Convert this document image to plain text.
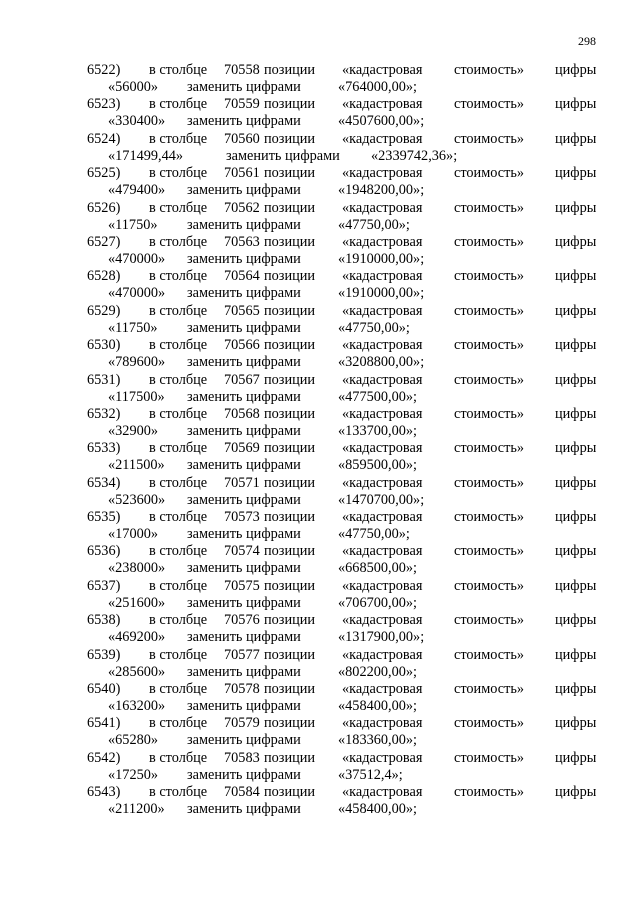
298
6522) в столбце 70558 позиции «кадастровая стоимость» цифры
«56000» заменить цифрами	«764000,00»;
6523) в столбце 70559 позиции «кадастровая стоимость» цифры
«330400» заменить цифрами	«4507600,00»;
6524) в столбце 70560 позиции «кадастровая стоимость» цифры
«171499,44»	заменить цифрами «2339742,36»;
6525) в столбце 70561 позиции «кадастровая стоимость» цифры
«479400» заменить цифрами	«1948200,00»;
6526) в столбце 70562 позиции «кадастровая стоимость» цифры
«11750» заменить цифрами	«47750,00»;
6527) в столбце 70563 позиции «кадастровая стоимость» цифры
«470000» заменить цифрами	«1910000,00»;
6528) в столбце 70564 позиции «кадастровая стоимость» цифры
«470000» заменить цифрами	«1910000,00»;
6529) в столбце 70565 позиции «кадастровая стоимость» цифры
«11750» заменить цифрами	«47750,00»;
6530) в столбце 70566 позиции «кадастровая стоимость» цифры
«789600» заменить цифрами	«3208800,00»;
6531) в столбце 70567 позиции «кадастровая стоимость» цифры
«117500» заменить цифрами	«477500,00»;
6532) в столбце 70568 позиции «кадастровая стоимость» цифры
«32900» заменить цифрами	«133700,00»;
6533) в столбце 70569 позиции «кадастровая стоимость» цифры
«211500» заменить цифрами	«859500,00»;
6534) в столбце 70571 позиции «кадастровая стоимость» цифры
«523600» заменить цифрами	«1470700,00»;
6535) в столбце 70573 позиции «кадастровая стоимость» цифры
«17000» заменить цифрами	«47750,00»;
6536) в столбце 70574 позиции «кадастровая стоимость» цифры
«238000» заменить цифрами	«668500,00»;
6537) в столбце 70575 позиции «кадастровая стоимость» цифры
«251600» заменить цифрами	«706700,00»;
6538) в столбце 70576 позиции «кадастровая стоимость» цифры
«469200» заменить цифрами	«1317900,00»;
6539) в столбце 70577 позиции «кадастровая стоимость» цифры
«285600» заменить цифрами	«802200,00»;
6540) в столбце 70578 позиции «кадастровая стоимость» цифры
«163200» заменить цифрами	«458400,00»;
6541) в столбце 70579 позиции «кадастровая стоимость» цифры
«65280» заменить цифрами	«183360,00»;
6542) в столбце 70583 позиции «кадастровая стоимость» цифры
«17250» заменить цифрами	«37512,4»;
6543) в столбце 70584 позиции «кадастровая стоимость» цифры
«211200» заменить цифрами	«458400,00»;
